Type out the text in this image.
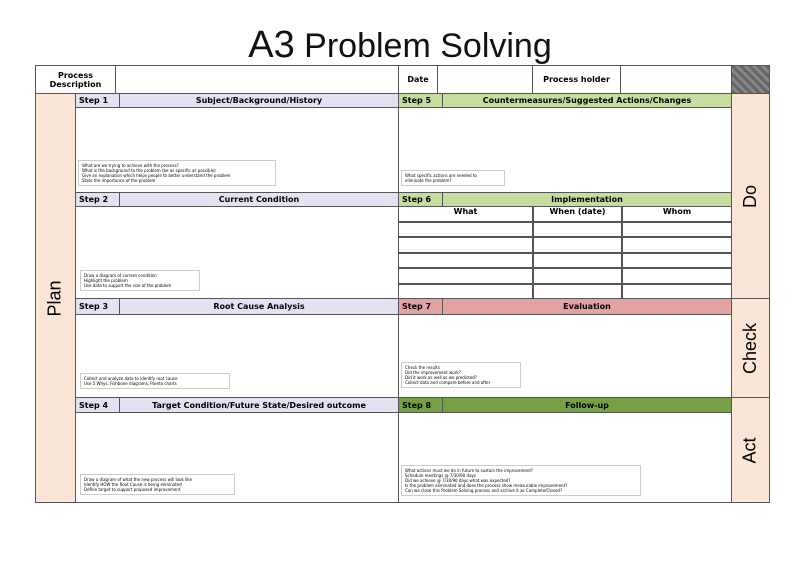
A3 Problem Solving
Process Description	Date	Process holder
Plan
Do
Check
Act
Step 1	Subject/Background/History
What are we trying to achieve with the process?
What is the background to the problem (be as specific as possible)
Give an explanation which helps people to better understand the problem
State the importance of the problem
Step 2	Current Condition
Draw a diagram of current condition
Highlight the problem
Use data to support the size of the problem
Step 3	Root Cause Analysis
Collect and analyze data to identify root cause
Use 5 Whys, Fishbone diagrams, Pareto charts
Step 4	Target Condition/Future State/Desired outcome
Draw a diagram of what the new process will look like
Identify HOW the Root Cause is being eliminated
Define target to support proposed improvement
Step 5	Countermeasures/Suggested Actions/Changes
What specific actions are needed to
eliminate the problem?
Step 6	Implementation
What	When (date)	Whom
Step 7	Evaluation
Check the results
Did the improvement work?
Did it work as well as we predicted?
Collect data and compare before and after
Step 8	Follow-up
What actions must we do in future to sustain the improvement?
Schedule meetings @ 7/30/90 days
Did we achieve @ 7/30/90 days what was expected?
Is the problem eliminated and does the process show measurable improvement?
Can we close this Problem Solving process and archive it as Complete/Closed?
